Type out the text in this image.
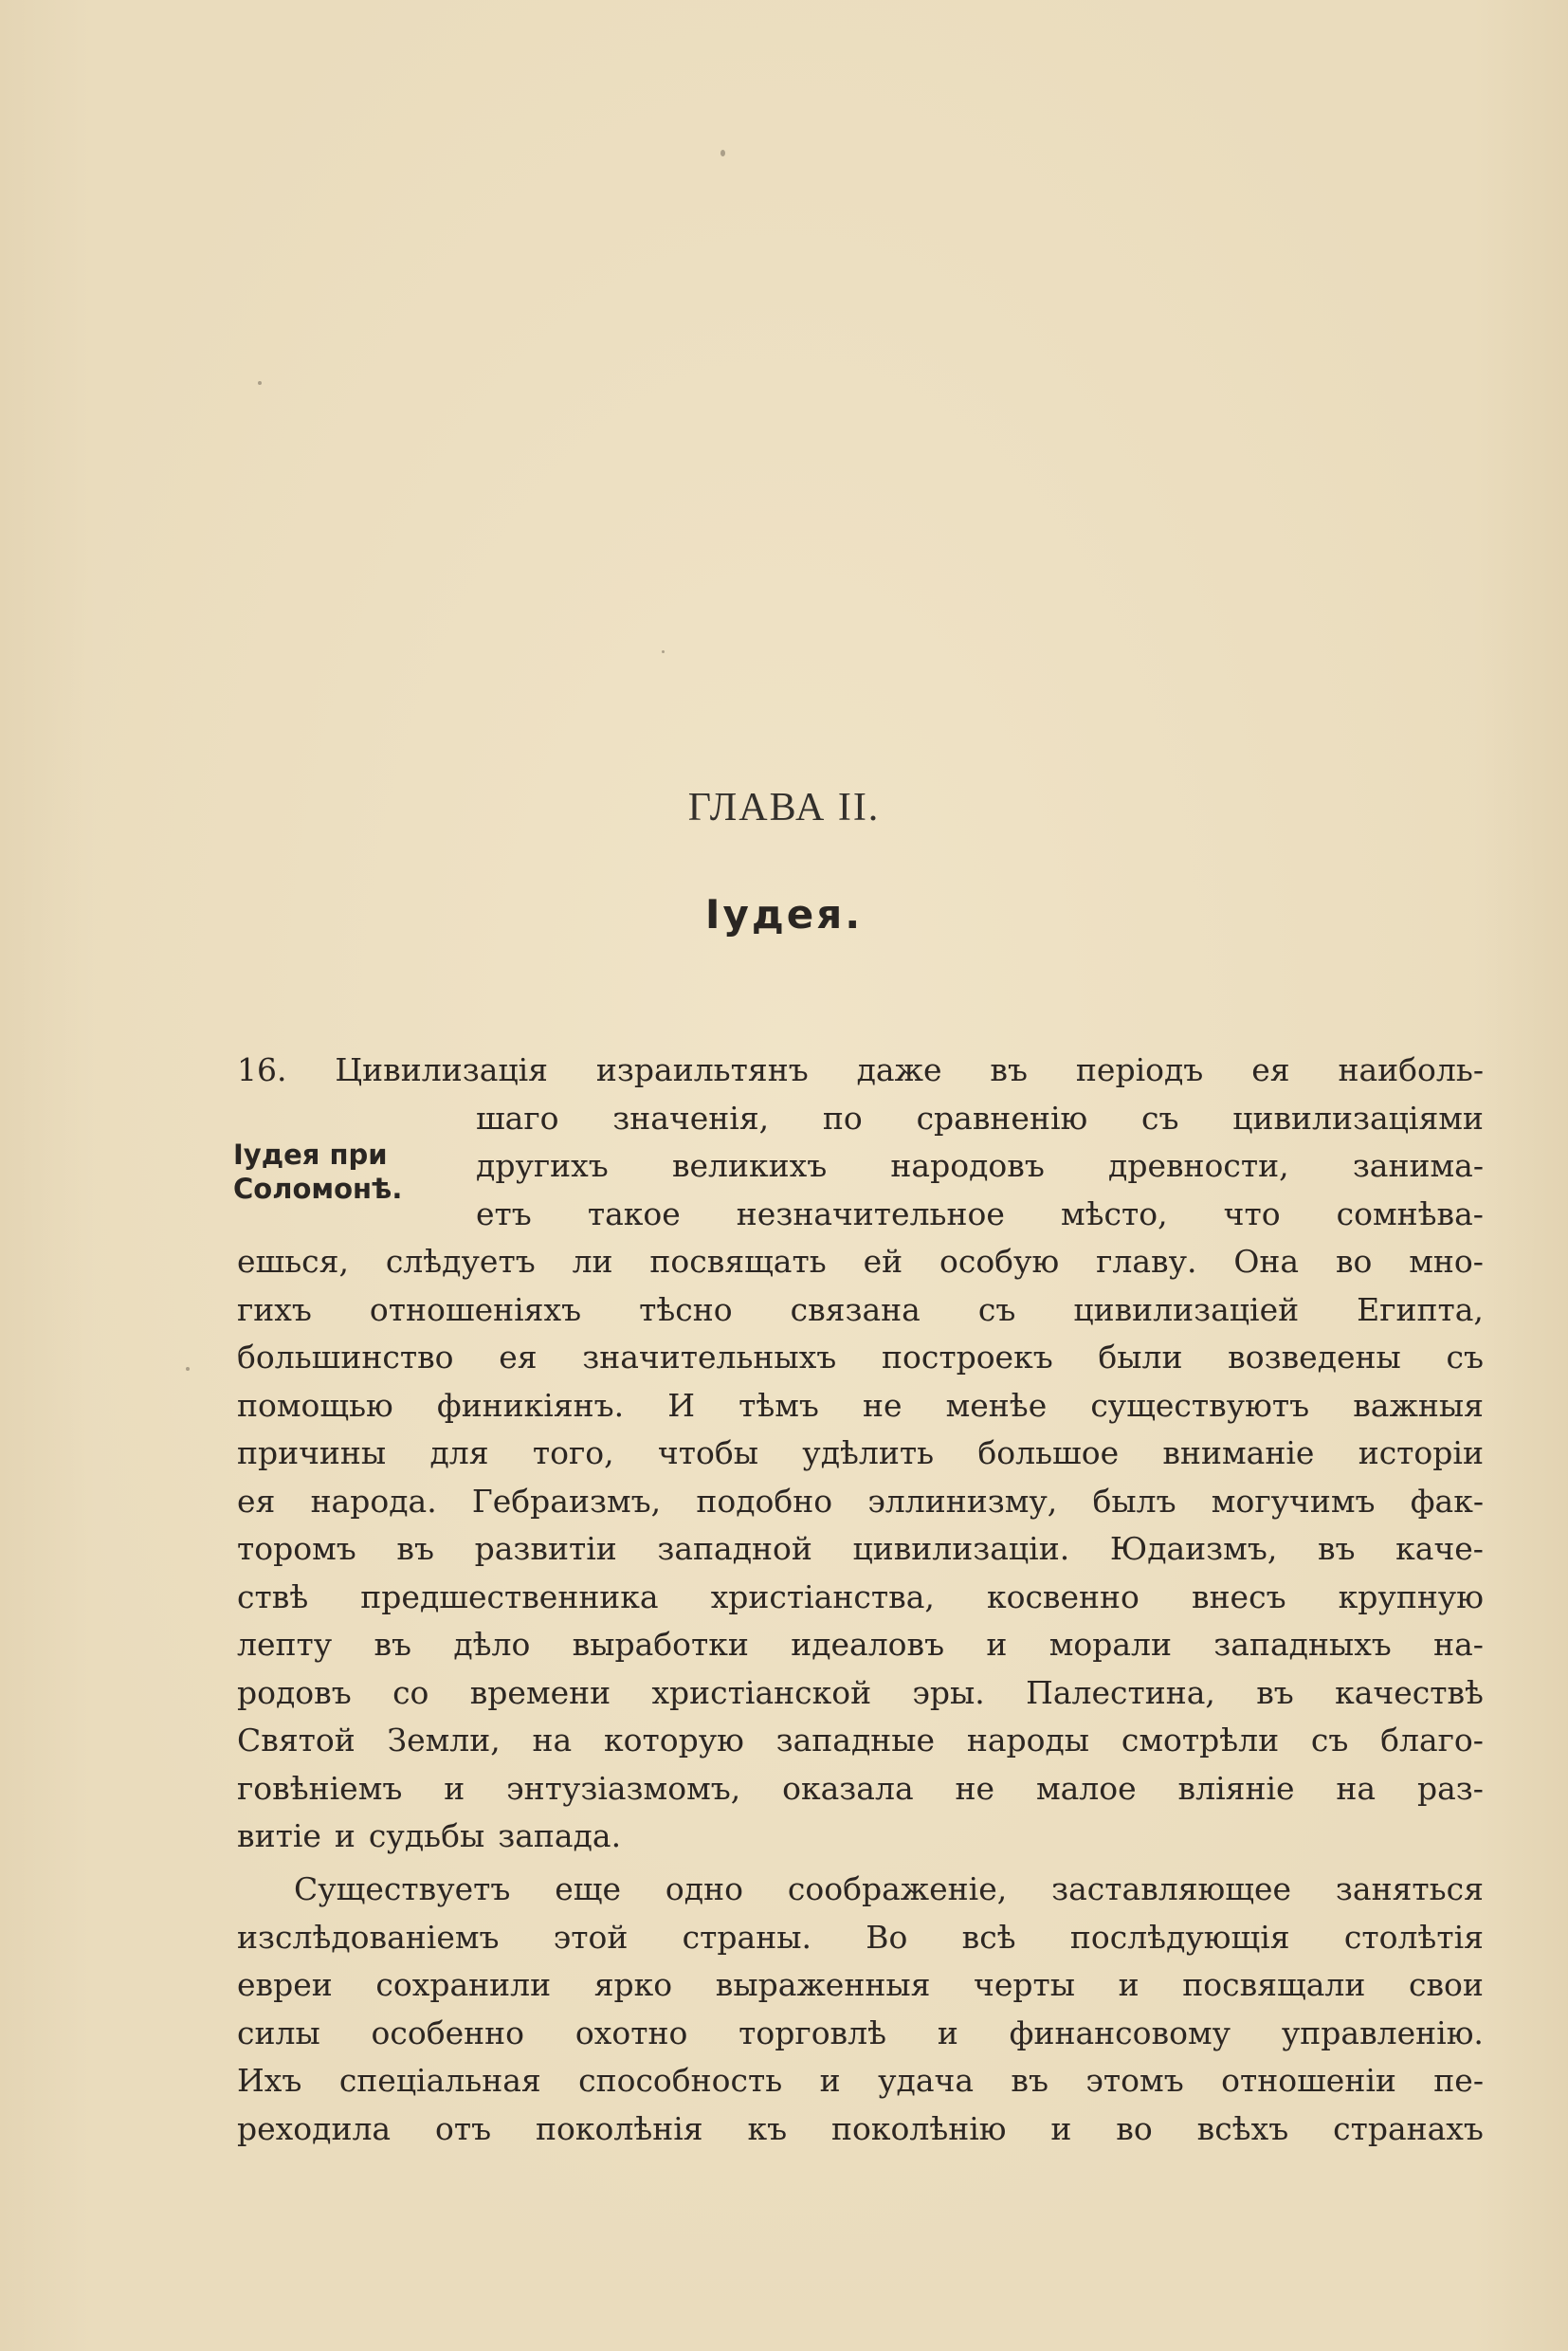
ГЛАВА II.
Іудея.
Іудея при
Соломонѣ.
16. Цивилизація израильтянъ даже въ періодъ ея наиболь-
шаго значенія, по сравненію съ цивилизаціями
другихъ великихъ народовъ древности, занима-
етъ такое незначительное мѣсто, что сомнѣва-
ешься, слѣдуетъ ли посвящать ей особую главу. Она во мно-
гихъ отношеніяхъ тѣсно связана съ цивилизаціей Египта,
большинство ея значительныхъ построекъ были возведены съ
помощью финикіянъ. И тѣмъ не менѣе существуютъ важныя
причины для того, чтобы удѣлить большое вниманіе исторіи
ея народа. Гебраизмъ, подобно эллинизму, былъ могучимъ фак-
торомъ въ развитіи западной цивилизаціи. Юдаизмъ, въ каче-
ствѣ предшественника христіанства, косвенно внесъ крупную
лепту въ дѣло выработки идеаловъ и морали западныхъ на-
родовъ со времени христіанской эры. Палестина, въ качествѣ
Святой Земли, на которую западные народы смотрѣли съ благо-
говѣніемъ и энтузіазмомъ, оказала не малое вліяніе на раз-
витіе и судьбы запада.
Существуетъ еще одно соображеніе, заставляющее заняться
изслѣдованіемъ этой страны. Во всѣ послѣдующія столѣтія
евреи сохранили ярко выраженныя черты и посвящали свои
силы особенно охотно торговлѣ и финансовому управленію.
Ихъ спеціальная способность и удача въ этомъ отношеніи пе-
реходила отъ поколѣнія къ поколѣнію и во всѣхъ странахъ
